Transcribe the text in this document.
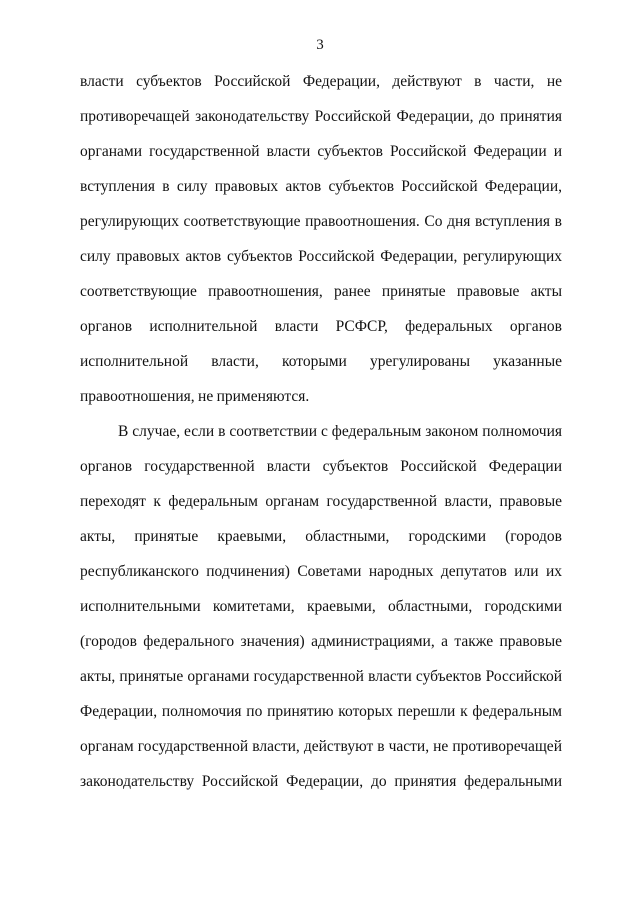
3
власти субъектов Российской Федерации, действуют в части, не
противоречащей законодательству Российской Федерации, до принятия
органами государственной власти субъектов Российской Федерации и
вступления в силу правовых актов субъектов Российской Федерации,
регулирующих соответствующие правоотношения. Со дня вступления в
силу правовых актов субъектов Российской Федерации, регулирующих
соответствующие правоотношения, ранее принятые правовые акты
органов исполнительной власти РСФСР, федеральных органов
исполнительной власти, которыми урегулированы указанные
правоотношения, не применяются.
В случае, если в соответствии с федеральным законом полномочия
органов государственной власти субъектов Российской Федерации
переходят к федеральным органам государственной власти, правовые
акты, принятые краевыми, областными, городскими (городов
республиканского подчинения) Советами народных депутатов или их
исполнительными комитетами, краевыми, областными, городскими
(городов федерального значения) администрациями, а также правовые
акты, принятые органами государственной власти субъектов Российской
Федерации, полномочия по принятию которых перешли к федеральным
органам государственной власти, действуют в части, не противоречащей
законодательству Российской Федерации, до принятия федеральными
